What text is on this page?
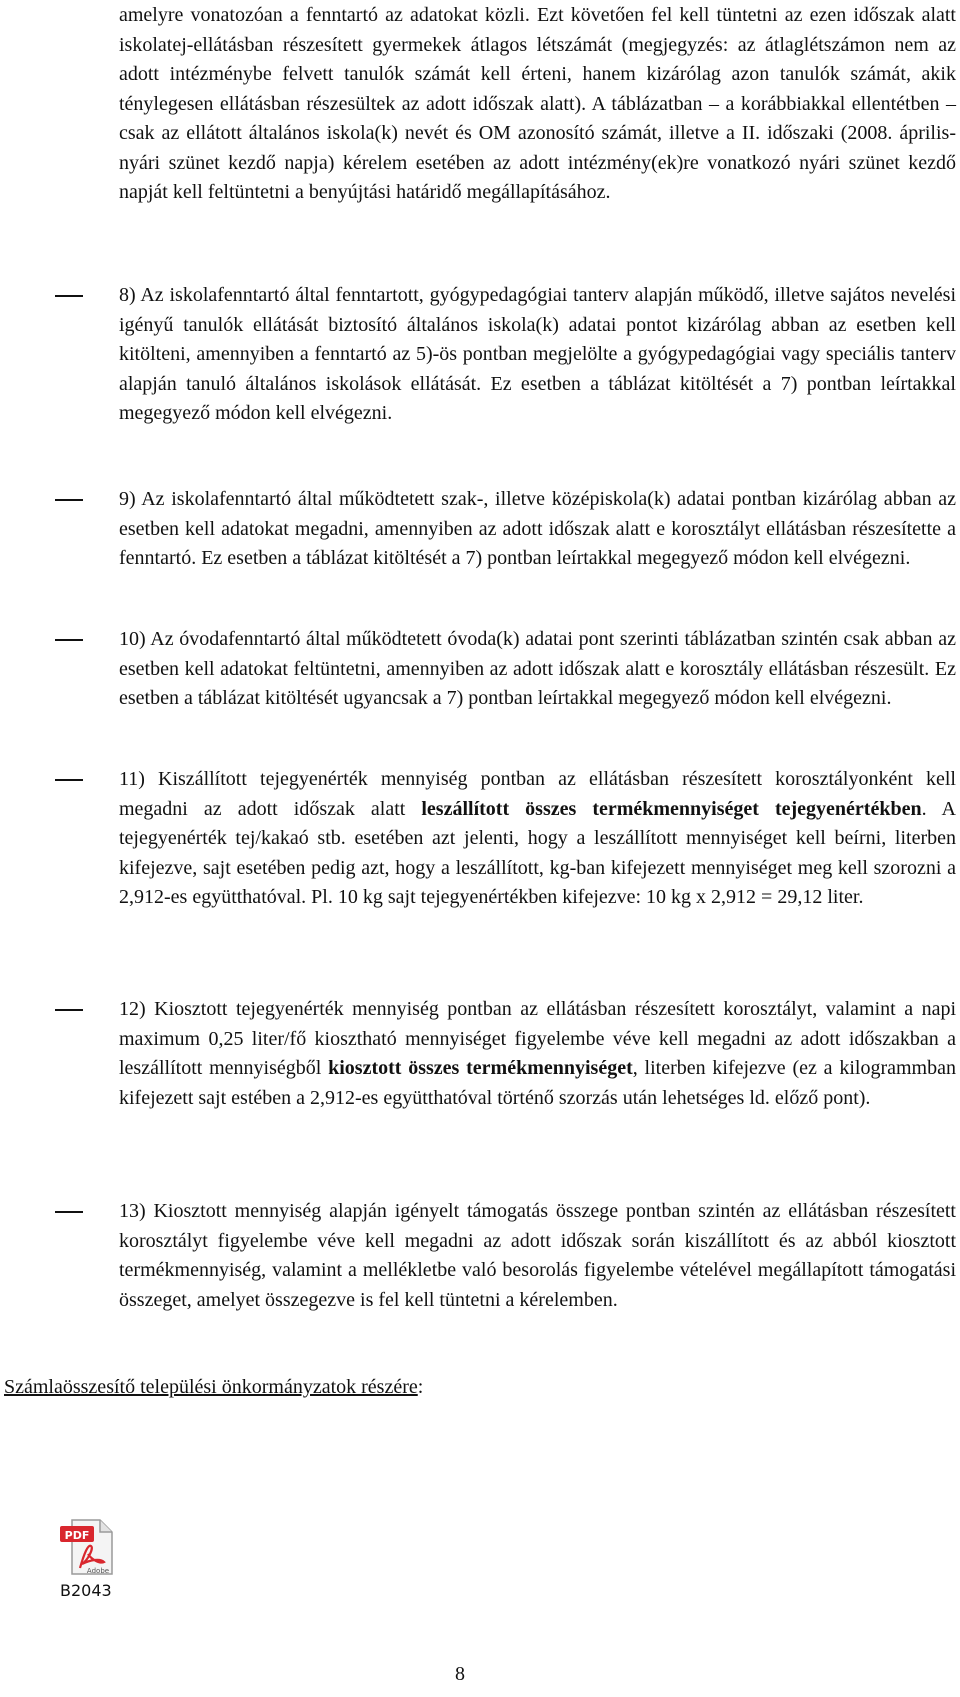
amelyre vonatozóan a fenntartó az adatokat közli. Ezt követően fel kell tüntetni az ezen időszak alatt iskolatej-ellátásban részesített gyermekek átlagos létszámát (megjegyzés: az átlaglétszámon nem az adott intézménybe felvett tanulók számát kell érteni, hanem kizárólag azon tanulók számát, akik ténylegesen ellátásban részesültek az adott időszak alatt). A táblázatban – a korábbiakkal ellentétben – csak az ellátott általános iskola(k) nevét és OM azonosító számát, illetve a II. időszaki (2008. április-nyári szünet kezdő napja) kérelem esetében az adott intézmény(ek)re vonatkozó nyári szünet kezdő napját kell feltüntetni a benyújtási határidő megállapításához.

8) Az iskolafenntartó által fenntartott, gyógypedagógiai tanterv alapján működő, illetve sajátos nevelési igényű tanulók ellátását biztosító általános iskola(k) adatai pontot kizárólag abban az esetben kell kitölteni, amennyiben a fenntartó az 5)-ös pontban megjelölte a gyógypedagógiai vagy speciális tanterv alapján tanuló általános iskolások ellátását. Ez esetben a táblázat kitöltését a 7) pontban leírtakkal megegyező módon kell elvégezni.
9) Az iskolafenntartó által működtetett szak-, illetve középiskola(k) adatai pontban kizárólag abban az esetben kell adatokat megadni, amennyiben az adott időszak alatt e korosztályt ellátásban részesítette a fenntartó. Ez esetben a táblázat kitöltését a 7) pontban leírtakkal megegyező módon kell elvégezni.
10) Az óvodafenntartó által működtetett óvoda(k) adatai pont szerinti táblázatban szintén csak abban az esetben kell adatokat feltüntetni, amennyiben az adott időszak alatt e korosztály ellátásban részesült. Ez esetben a táblázat kitöltését ugyancsak a 7) pontban leírtakkal megegyező módon kell elvégezni.
11) Kiszállított tejegyenérték mennyiség pontban az ellátásban részesített korosztályonként kell megadni az adott időszak alatt leszállított összes termékmennyiséget tejegyenértékben. A tejegyenérték tej/kakaó stb. esetében azt jelenti, hogy a leszállított mennyiséget kell beírni, literben kifejezve, sajt esetében pedig azt, hogy a leszállított, kg-ban kifejezett mennyiséget meg kell szorozni a 2,912-es együtthatóval. Pl. 10 kg sajt tejegyenértékben kifejezve: 10 kg x 2,912 = 29,12 liter.
12) Kiosztott tejegyenérték mennyiség pontban az ellátásban részesített korosztályt, valamint a napi maximum 0,25 liter/fő kiosztható mennyiséget figyelembe véve kell megadni az adott időszakban a leszállított mennyiségből kiosztott összes termékmennyiséget, literben kifejezve (ez a kilogrammban kifejezett sajt estében a 2,912-es együtthatóval történő szorzás után lehetséges ld. előző pont).
13) Kiosztott mennyiség alapján igényelt támogatás összege pontban szintén az ellátásban részesített korosztályt figyelembe véve kell megadni az adott időszak során kiszállított és az abból kiosztott termékmennyiség, valamint a mellékletbe való besorolás figyelembe vételével megállapított támogatási összeget, amelyet összegezve is fel kell tüntetni a kérelemben.

Számlaösszesítő települési önkormányzatok részére:

PDF
Adobe
B2043

8
